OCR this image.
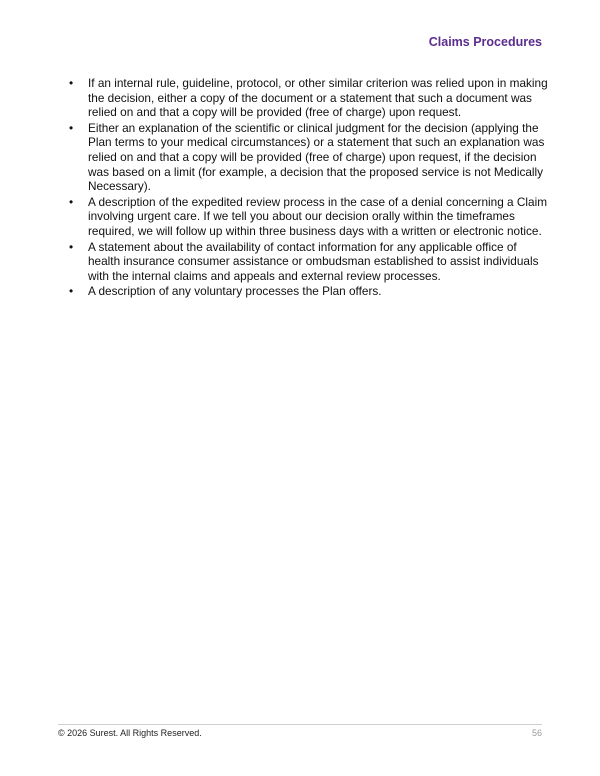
Claims Procedures
•	If an internal rule, guideline, protocol, or other similar criterion was relied upon in making the decision, either a copy of the document or a statement that such a document was relied on and that a copy will be provided (free of charge) upon request.
•	Either an explanation of the scientific or clinical judgment for the decision (applying the Plan terms to your medical circumstances) or a statement that such an explanation was relied on and that a copy will be provided (free of charge) upon request, if the decision was based on a limit (for example, a decision that the proposed service is not Medically Necessary).
•	A description of the expedited review process in the case of a denial concerning a Claim involving urgent care. If we tell you about our decision orally within the timeframes required, we will follow up within three business days with a written or electronic notice.
•	A statement about the availability of contact information for any applicable office of health insurance consumer assistance or ombudsman established to assist individuals with the internal claims and appeals and external review processes.
•	A description of any voluntary processes the Plan offers.
© 2026 Surest. All Rights Reserved.	56
